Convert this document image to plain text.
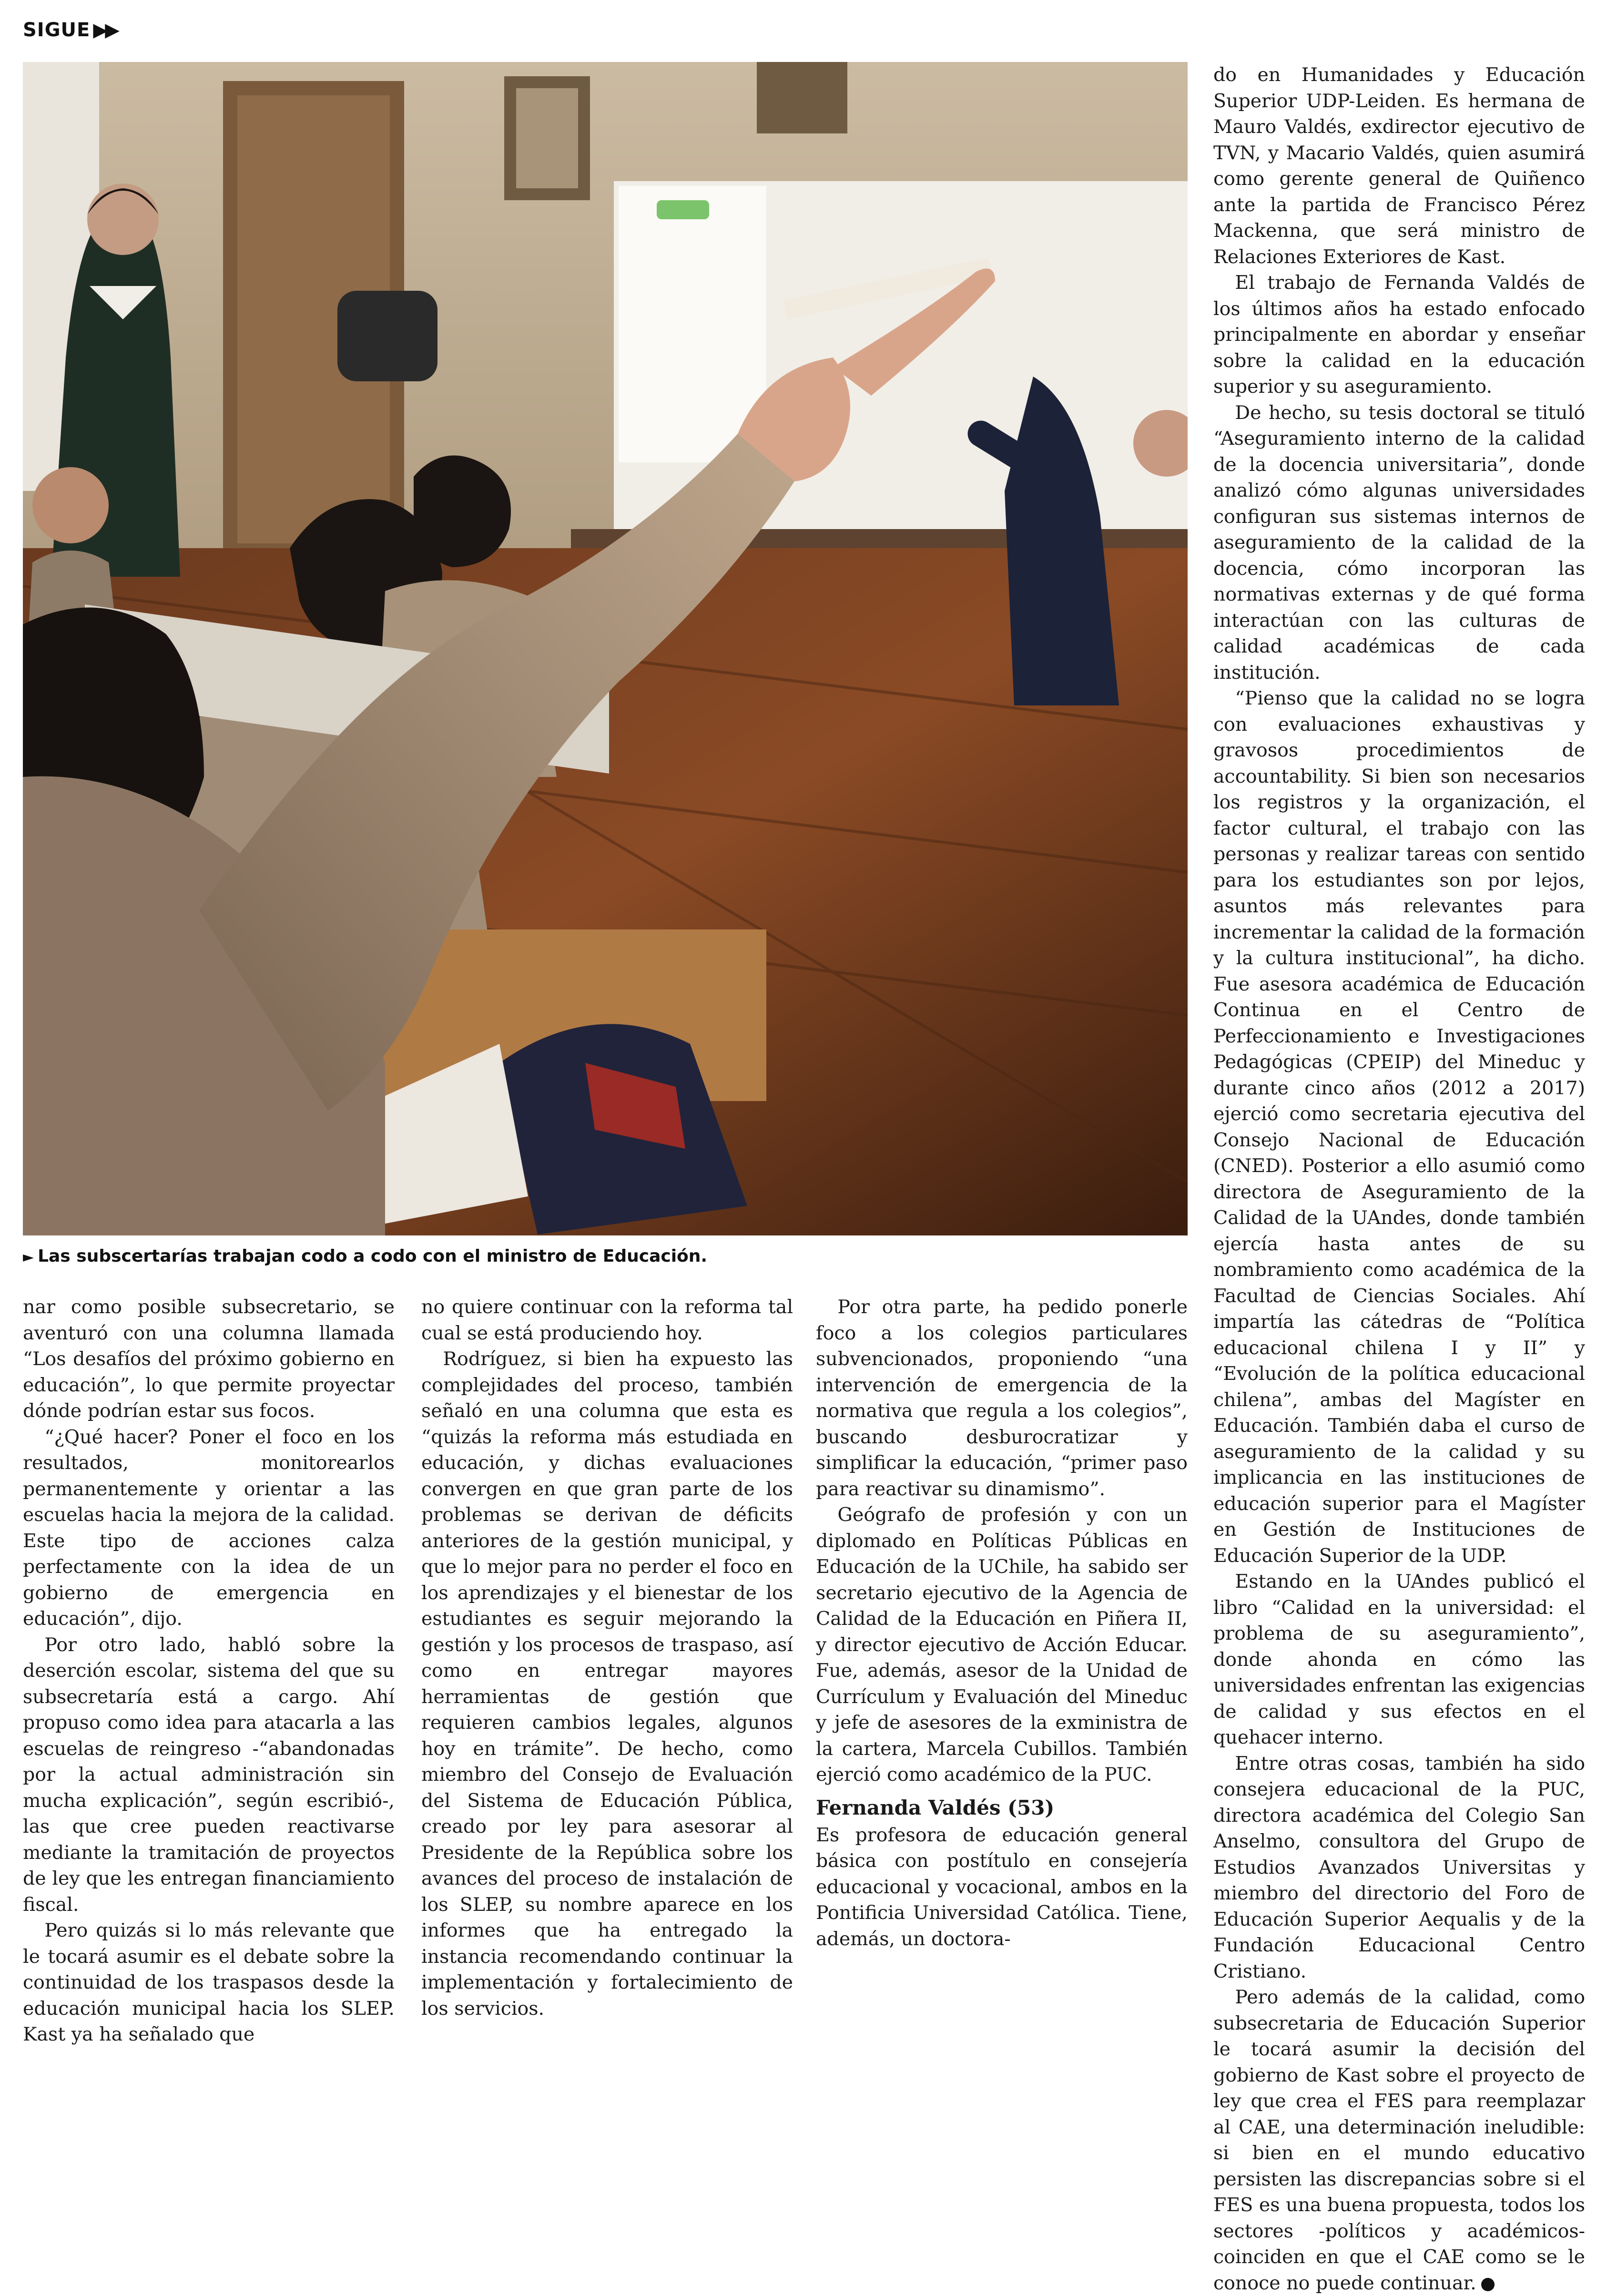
SIGUE ▶▶
► Las subscertarías trabajan codo a codo con el ministro de Educación.

nar como posible subsecretario, se aventuró con una columna llamada “Los desafíos del próximo gobierno en educación”, lo que permite proyectar dónde podrían estar sus focos.

“¿Qué hacer? Poner el foco en los resultados, monitorearlos permanentemente y orientar a las escuelas hacia la mejora de la calidad. Este tipo de acciones calza perfectamente con la idea de un gobierno de emergencia en educación”, dijo.

Por otro lado, habló sobre la deserción escolar, sistema del que su subsecretaría está a cargo. Ahí propuso como idea para atacarla a las escuelas de reingreso -“abandonadas por la actual administración sin mucha explicación”, según escribió-, las que cree pueden reactivarse mediante la tramitación de proyectos de ley que les entregan financiamiento fiscal.

Pero quizás si lo más relevante que le tocará asumir es el debate sobre la continuidad de los traspasos desde la educación municipal hacia los SLEP. Kast ya ha señalado que

no quiere continuar con la reforma tal cual se está produciendo hoy.

Rodríguez, si bien ha expuesto las complejidades del proceso, también señaló en una columna que esta es “quizás la reforma más estudiada en educación, y dichas evaluaciones convergen en que gran parte de los problemas se derivan de déficits anteriores de la gestión municipal, y que lo mejor para no perder el foco en los aprendizajes y el bienestar de los estudiantes es seguir mejorando la gestión y los procesos de traspaso, así como en entregar mayores herramientas de gestión que requieren cambios legales, algunos hoy en trámite”. De hecho, como miembro del Consejo de Evaluación del Sistema de Educación Pública, creado por ley para asesorar al Presidente de la República sobre los avances del proceso de instalación de los SLEP, su nombre aparece en los informes que ha entregado la instancia recomendando continuar la implementación y fortalecimiento de los servicios.

Por otra parte, ha pedido ponerle foco a los colegios particulares subvencionados, proponiendo “una intervención de emergencia de la normativa que regula a los colegios”, buscando desburocratizar y simplificar la educación, “primer paso para reactivar su dinamismo”.

Geógrafo de profesión y con un diplomado en Políticas Públicas en Educación de la UChile, ha sabido ser secretario ejecutivo de la Agencia de Calidad de la Educación en Piñera II, y director ejecutivo de Acción Educar. Fue, además, asesor de la Unidad de Currículum y Evaluación del Mineduc y jefe de asesores de la exministra de la cartera, Marcela Cubillos. También ejerció como académico de la PUC.

Fernanda Valdés (53)

Es profesora de educación general básica con postítulo en consejería educacional y vocacional, ambos en la Pontificia Universidad Católica. Tiene, además, un doctora-

do en Humanidades y Educación Superior UDP-Leiden. Es hermana de Mauro Valdés, exdirector ejecutivo de TVN, y Macario Valdés, quien asumirá como gerente general de Quiñenco ante la partida de Francisco Pérez Mackenna, que será ministro de Relaciones Exteriores de Kast.

El trabajo de Fernanda Valdés de los últimos años ha estado enfocado principalmente en abordar y enseñar sobre la calidad en la educación superior y su aseguramiento.

De hecho, su tesis doctoral se tituló “Aseguramiento interno de la calidad de la docencia universitaria”, donde analizó cómo algunas universidades configuran sus sistemas internos de aseguramiento de la calidad de la docencia, cómo incorporan las normativas externas y de qué forma interactúan con las culturas de calidad académicas de cada institución.

“Pienso que la calidad no se logra con evaluaciones exhaustivas y gravosos procedimientos de accountability. Si bien son necesarios los registros y la organización, el factor cultural, el trabajo con las personas y realizar tareas con sentido para los estudiantes son por lejos, asuntos más relevantes para incrementar la calidad de la formación y la cultura institucional”, ha dicho. Fue asesora académica de Educación Continua en el Centro de Perfeccionamiento e Investigaciones Pedagógicas (CPEIP) del Mineduc y durante cinco años (2012 a 2017) ejerció como secretaria ejecutiva del Consejo Nacional de Educación (CNED). Posterior a ello asumió como directora de Aseguramiento de la Calidad de la UAndes, donde también ejercía hasta antes de su nombramiento como académica de la Facultad de Ciencias Sociales. Ahí impartía las cátedras de “Política educacional chilena I y II” y “Evolución de la política educacional chilena”, ambas del Magíster en Educación. También daba el curso de aseguramiento de la calidad y su implicancia en las instituciones de educación superior para el Magíster en Gestión de Instituciones de Educación Superior de la UDP.

Estando en la UAndes publicó el libro “Calidad en la universidad: el problema de su aseguramiento”, donde ahonda en cómo las universidades enfrentan las exigencias de calidad y sus efectos en el quehacer interno.

Entre otras cosas, también ha sido consejera educacional de la PUC, directora académica del Colegio San Anselmo, consultora del Grupo de Estudios Avanzados Universitas y miembro del directorio del Foro de Educación Superior Aequalis y de la Fundación Educacional Centro Cristiano.

Pero además de la calidad, como subsecretaria de Educación Superior le tocará asumir la decisión del gobierno de Kast sobre el proyecto de ley que crea el FES para reemplazar al CAE, una determinación ineludible: si bien en el mundo educativo persisten las discrepancias sobre si el FES es una buena propuesta, todos los sectores -políticos y académicos- coinciden en que el CAE como se le conoce no puede continuar.
